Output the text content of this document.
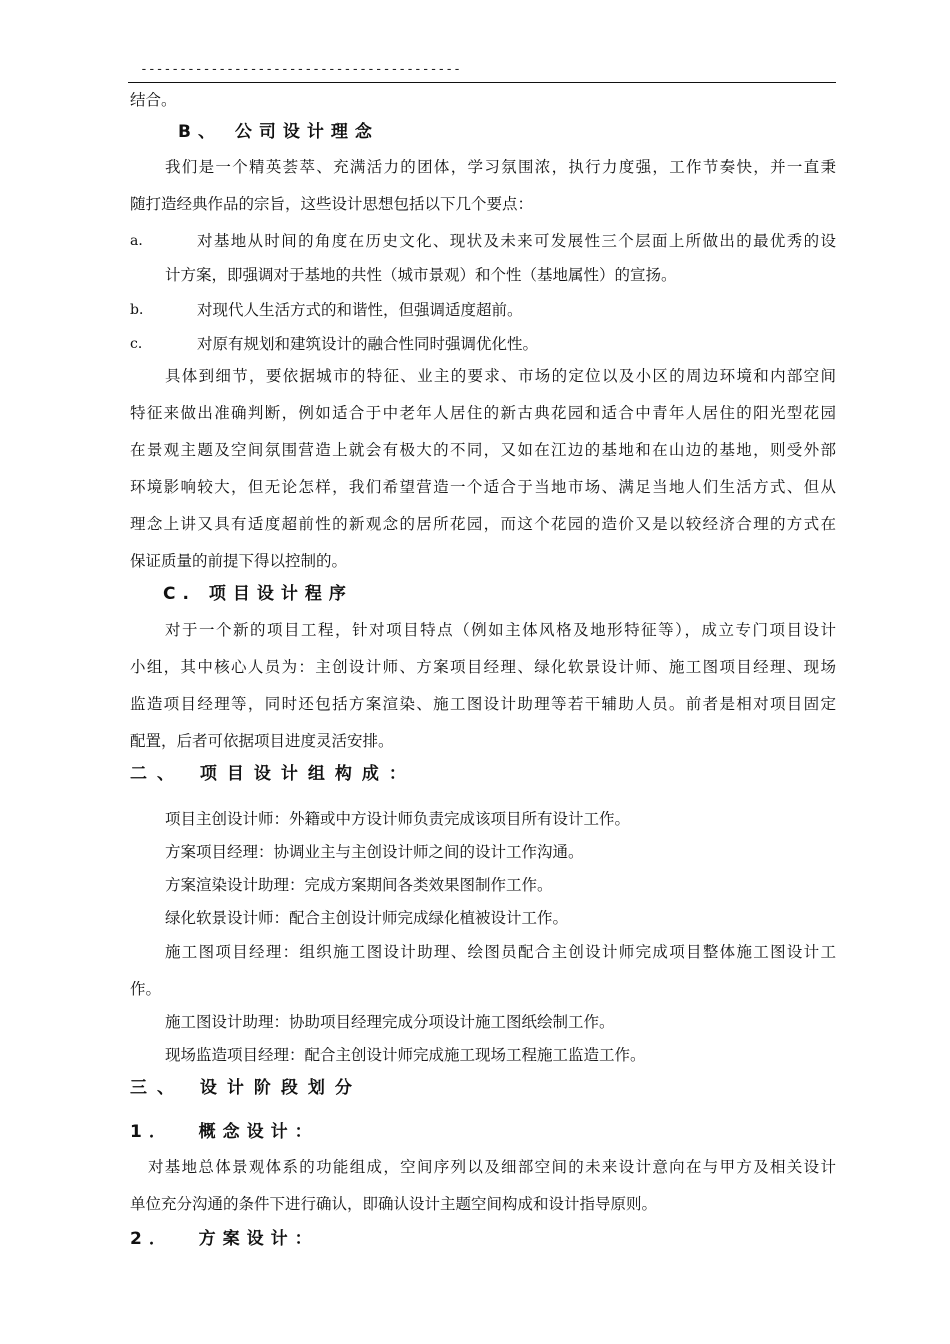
-----------------------------------------
结合。
B、 公司设计理念
我们是一个精英荟萃、充满活力的团体，学习氛围浓，执行力度强，工作节奏快，并一直秉
随打造经典作品的宗旨，这些设计思想包括以下几个要点：
a．	对基地从时间的角度在历史文化、现状及未来可发展性三个层面上所做出的最优秀的设
计方案，即强调对于基地的共性（城市景观）和个性（基地属性）的宣扬。
b．	对现代人生活方式的和谐性，但强调适度超前。
c．	对原有规划和建筑设计的融合性同时强调优化性。
具体到细节，要依据城市的特征、业主的要求、市场的定位以及小区的周边环境和内部空间
特征来做出准确判断，例如适合于中老年人居住的新古典花园和适合中青年人居住的阳光型花园
在景观主题及空间氛围营造上就会有极大的不同，又如在江边的基地和在山边的基地，则受外部
环境影响较大，但无论怎样，我们希望营造一个适合于当地市场、满足当地人们生活方式、但从
理念上讲又具有适度超前性的新观念的居所花园，而这个花园的造价又是以较经济合理的方式在
保证质量的前提下得以控制的。
C. 项目设计程序
对于一个新的项目工程，针对项目特点（例如主体风格及地形特征等），成立专门项目设计
小组，其中核心人员为：主创设计师、方案项目经理、绿化软景设计师、施工图项目经理、现场
监造项目经理等，同时还包括方案渲染、施工图设计助理等若干辅助人员。前者是相对项目固定
配置，后者可依据项目进度灵活安排。
二、 项目设计组构成：
项目主创设计师：外籍或中方设计师负责完成该项目所有设计工作。
方案项目经理：协调业主与主创设计师之间的设计工作沟通。
方案渲染设计助理：完成方案期间各类效果图制作工作。
绿化软景设计师：配合主创设计师完成绿化植被设计工作。
施工图项目经理：组织施工图设计助理、绘图员配合主创设计师完成项目整体施工图设计工
作。
施工图设计助理：协助项目经理完成分项设计施工图纸绘制工作。
现场监造项目经理：配合主创设计师完成施工现场工程施工监造工作。
三、 设计阶段划分
1．  概念设计：
对基地总体景观体系的功能组成，空间序列以及细部空间的未来设计意向在与甲方及相关设计
单位充分沟通的条件下进行确认，即确认设计主题空间构成和设计指导原则。
2．  方案设计：
